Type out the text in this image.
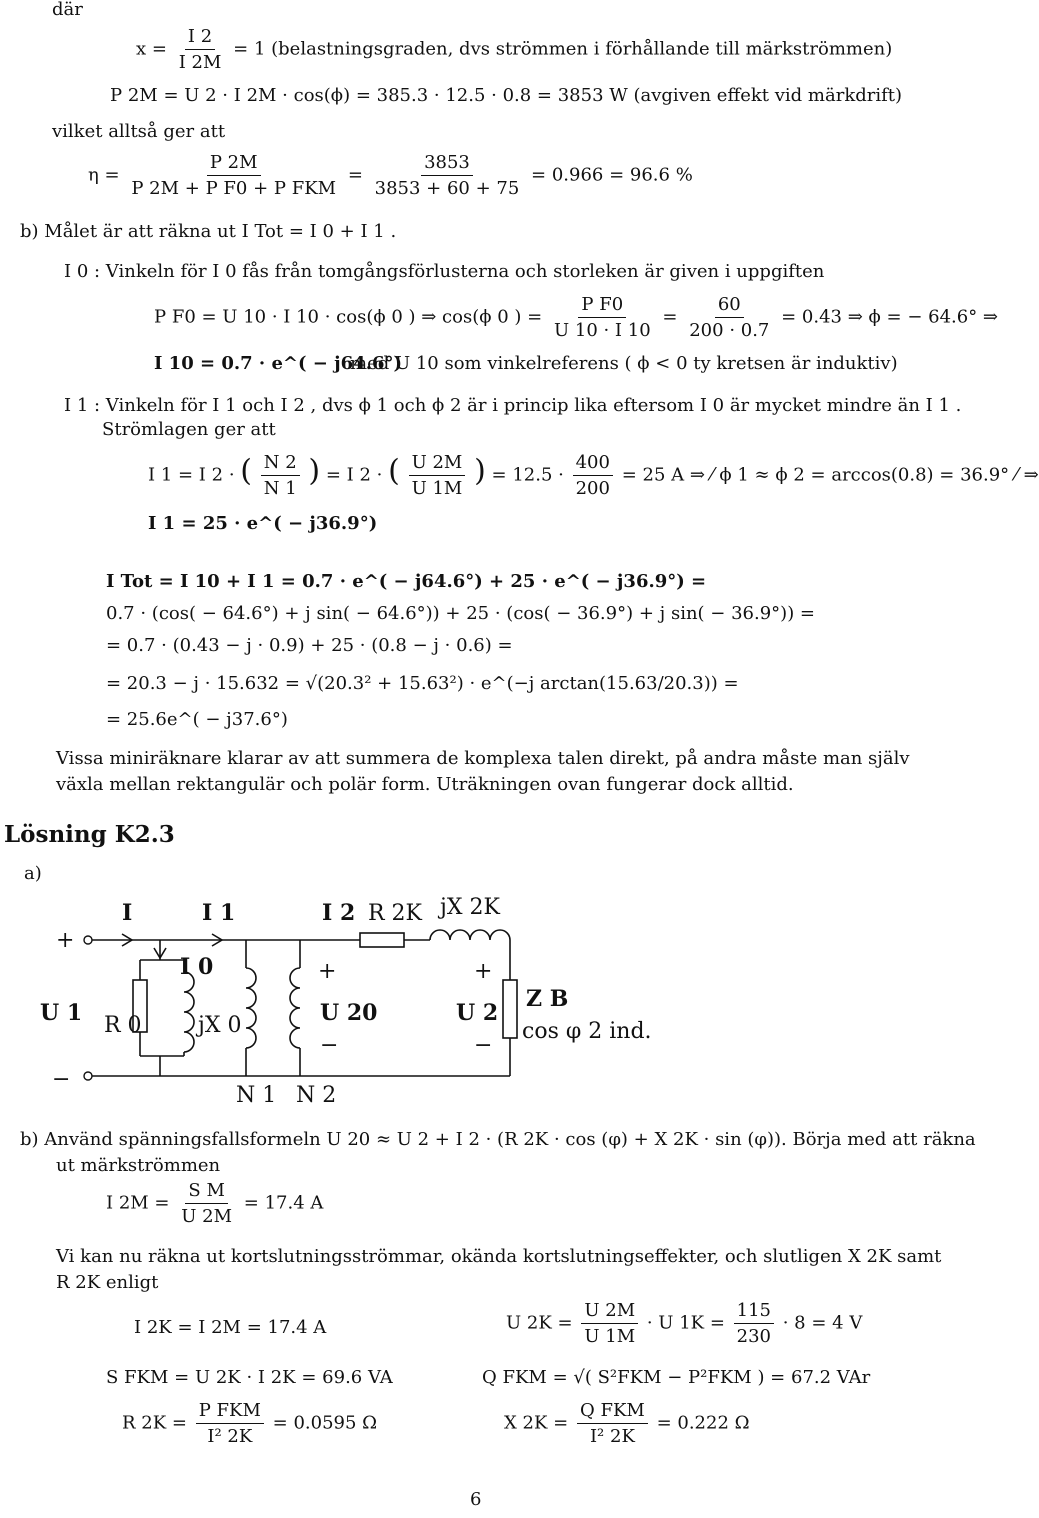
där
$x = \frac{I 2}{I 2M} = 1$ (belastningsgraden, dvs strömmen i förhållande till märkströmmen)
P 2M = U 2 · I 2M · cos(ϕ) = 385.3 · 12.5 · 0.8 = 3853 W (avgiven effekt vid märkdrift)
vilket alltså ger att
$\eta = \frac{P 2M}{\text{P 2M + P F0 + P FKM}} = \frac{3853}{3853 + 60 + 75} = 0.966 = 96.6$ %
b) Målet är att räkna ut I Tot = I 0 + I 1 .
I 0 : Vinkeln för I 0 fås från tomgångsförlusterna och storleken är given i uppgiften
P F0 = U 10 · I 10 · cos(ϕ 0 ) ⇒ cos(ϕ 0 ) = $\frac{\text{P F0}}{U 10 \cdot I 10} = \frac{60}{200 \cdot 0.7} = 0.43$ ⇒ ϕ = − 64.6° ⇒
I 10 = 0.7 · e^( − j64.6°)
med U 10 som vinkelreferens ( ϕ < 0 ty kretsen är induktiv)
I 1 : Vinkeln för I 1 och I 2 , dvs ϕ 1 och ϕ 2 är i princip lika eftersom I 0 är mycket mindre än I 1 .
Strömlagen ger att
I 1 = I 2 · ( $\frac{N 2}{N 1}$ ) = I 2 · ( $\frac{U 2M}{U 1M}$ ) = $12.5 \cdot \frac{400}{200} = 25$ A ⇒ ⁄ ϕ 1 ≈ ϕ 2 = arccos(0.8) = 36.9° ⁄ ⇒
I 1 = 25 · e^( − j36.9°)
I Tot = I 10 + I 1 = 0.7 · e^( − j64.6°) + 25 · e^( − j36.9°) =
0.7 · (cos( − 64.6°) + j sin( − 64.6°)) + 25 · (cos( − 36.9°) + j sin( − 36.9°)) =
= 0.7 · (0.43 − j · 0.9) + 25 · (0.8 − j · 0.6) =
= 20.3 − j · 15.632 = √(20.3² + 15.63²) · e^(−j arctan(15.63/20.3)) =
= 25.6e^( − j37.6°)
Vissa miniräknare klarar av att summera de komplexa talen direkt, på andra måste man själv växla mellan rektangulär och polär form. Uträkningen ovan fungerar dock alltid.
Lösning K2.3
a)
+
−
I	I 1
I 0
U 1 R 0	jX 0
N 1 N 2
I 2 R 2K jX 2K
+
U 20
−
+
U 2
−
Z B
cos φ 2 ind.
b) Använd spänningsfallsformeln U 20 ≈ U 2 + I 2 · (R 2K · cos (φ) + X 2K · sin (φ)). Börja med att räkna
ut märkströmmen
I $2M = \frac{\text{S M}}{U 2M} = 17.4$ A
Vi kan nu räkna ut kortslutningsströmmar, okända kortslutningseffekter, och slutligen X 2K samt R 2K enligt
I 2K = I 2M = 17.4 A	U $2K = \frac{U 2M}{U 1M} \cdot U$ $1K = \frac{115}{230} \cdot 8 = 4$ V
S FKM = U 2K · I 2K = 69.6 VA	Q FKM = √( S²FKM − P²FKM ) = 67.2 VAr
R $2K = \frac{\text{P FKM}}{\text{I² 2K}} = 0.0595$ Ω	X $2K = \frac{\text{Q FKM}}{\text{I² 2K}} = 0.222$ Ω
6
